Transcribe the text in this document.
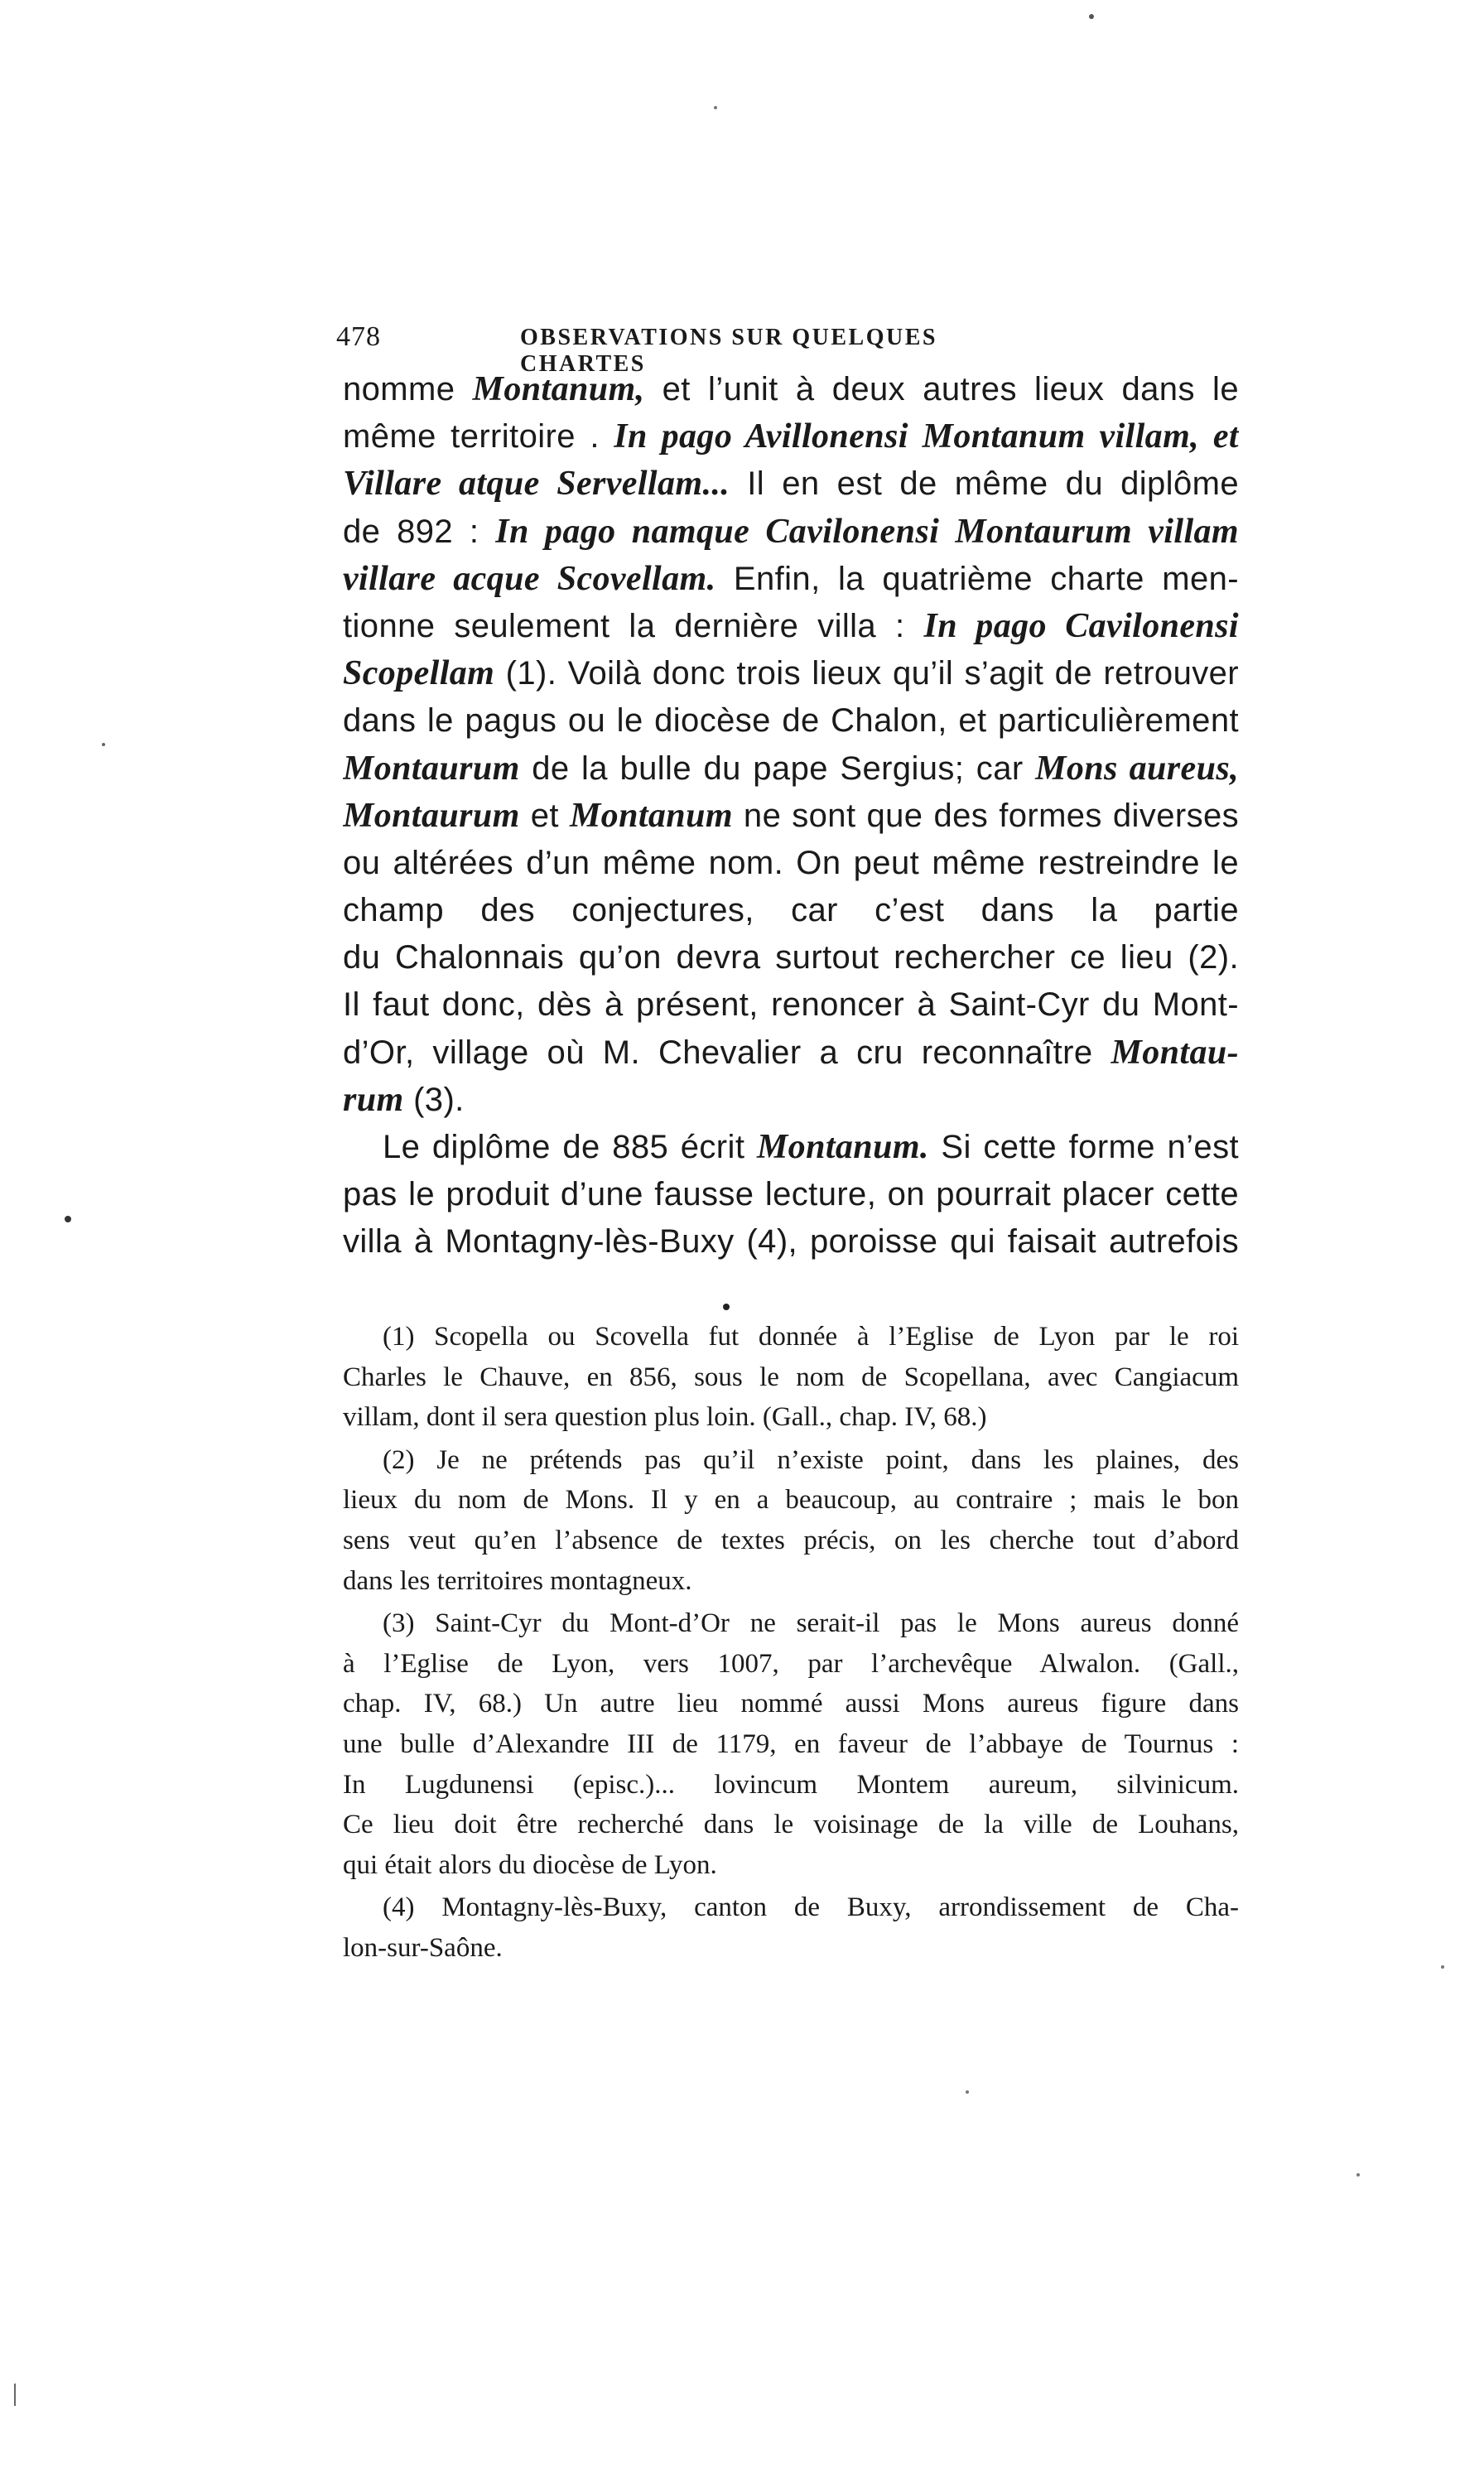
478	OBSERVATIONS SUR QUELQUES CHARTES
nomme Montanum, et l’unit à deux autres lieux dans le
même territoire . In pago Avillonensi Montanum villam, et
Villare atque Servellam... Il en est de même du diplôme
de 892 : In pago namque Cavilonensi Montaurum villam
villare acque Scovellam. Enfin, la quatrième charte men-
tionne seulement la dernière villa : In pago Cavilonensi
Scopellam (1). Voilà donc trois lieux qu’il s’agit de retrouver
dans le pagus ou le diocèse de Chalon, et particulièrement
Montaurum de la bulle du pape Sergius; car Mons aureus,
Montaurum et Montanum ne sont que des formes diverses
ou altérées d’un même nom. On peut même restreindre le
champ des conjectures, car c’est dans la partie
du Chalonnais qu’on devra surtout rechercher ce lieu (2).
Il faut donc, dès à présent, renoncer à Saint-Cyr du Mont-
d’Or, village où M. Chevalier a cru reconnaître Montau-
rum (3).
Le diplôme de 885 écrit Montanum. Si cette forme n’est
pas le produit d’une fausse lecture, on pourrait placer cette
villa à Montagny-lès-Buxy (4), poroisse qui faisait autrefois
(1) Scopella ou Scovella fut donnée à l’Eglise de Lyon par le roi
Charles le Chauve, en 856, sous le nom de Scopellana, avec Cangiacum
villam, dont il sera question plus loin. (Gall., chap. IV, 68.)
(2) Je ne prétends pas qu’il n’existe point, dans les plaines, des
lieux du nom de Mons. Il y en a beaucoup, au contraire ; mais le bon
sens veut qu’en l’absence de textes précis, on les cherche tout d’abord
dans les territoires montagneux.
(3) Saint-Cyr du Mont-d’Or ne serait-il pas le Mons aureus donné
à l’Eglise de Lyon, vers 1007, par l’archevêque Alwalon. (Gall.,
chap. IV, 68.) Un autre lieu nommé aussi Mons aureus figure dans
une bulle d’Alexandre III de 1179, en faveur de l’abbaye de Tournus :
In Lugdunensi (episc.)... lovincum Montem aureum, silvinicum.
Ce lieu doit être recherché dans le voisinage de la ville de Louhans,
qui était alors du diocèse de Lyon.
(4) Montagny-lès-Buxy, canton de Buxy, arrondissement de Cha-
lon-sur-Saône.
